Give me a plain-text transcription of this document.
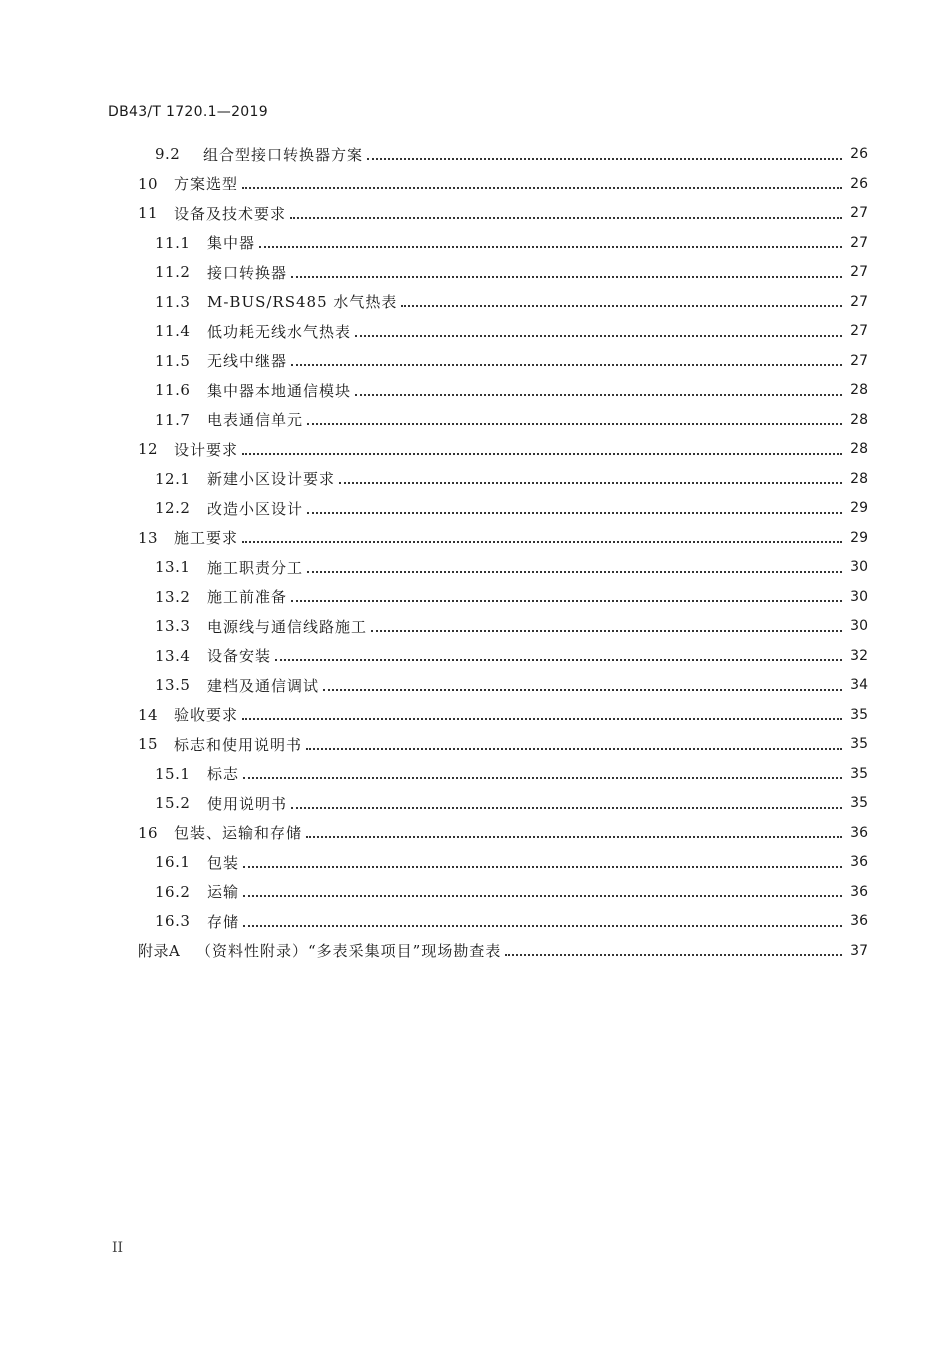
DB43/T 1720.1—2019
9.2	组合型接口转换器方案	26
10	方案选型	26
11	设备及技术要求	27
11.1	集中器	27
11.2	接口转换器	27
11.3	M-BUS/RS485 水气热表	27
11.4	低功耗无线水气热表	27
11.5	无线中继器	27
11.6	集中器本地通信模块	28
11.7	电表通信单元	28
12	设计要求	28
12.1	新建小区设计要求	28
12.2	改造小区设计	29
13	施工要求	29
13.1	施工职责分工	30
13.2	施工前准备	30
13.3	电源线与通信线路施工	30
13.4	设备安装	32
13.5	建档及通信调试	34
14	验收要求	35
15	标志和使用说明书	35
15.1	标志	35
15.2	使用说明书	35
16	包装、运输和存储	36
16.1	包装	36
16.2	运输	36
16.3	存储	36
附录A	（资料性附录）“多表采集项目”现场勘查表	37
II
